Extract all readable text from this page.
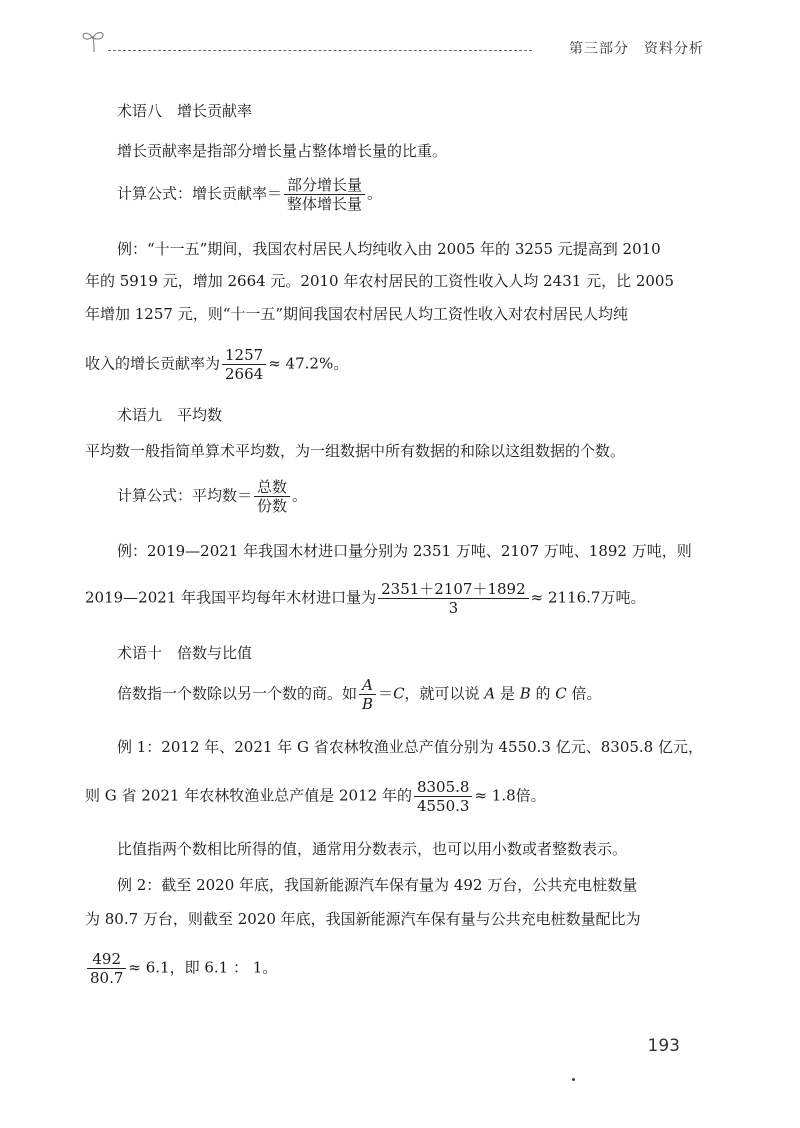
第三部分　资料分析
术语八　增长贡献率
增长贡献率是指部分增长量占整体增长量的比重。
计算公式：增长贡献率＝ $\frac{\text{部分增长量}}{\text{整体增长量}}$ 。
例：“十一五”期间，我国农村居民人均纯收入由 2005 年的 3255 元提高到 2010
年的 5919 元，增加 2664 元。2010 年农村居民的工资性收入人均 2431 元，比 2005
年增加 1257 元，则“十一五”期间我国农村居民人均工资性收入对农村居民人均纯
收入的增长贡献率为 $\frac{1257}{2664} \approx 47.2\%$。
术语九　平均数
平均数一般指简单算术平均数，为一组数据中所有数据的和除以这组数据的个数。
计算公式：平均数＝ $\frac{\text{总数}}{\text{份数}}$ 。
例：2019—2021 年我国木材进口量分别为 2351 万吨、2107 万吨、1892 万吨，则
2019—2021 年我国平均每年木材进口量为 $\frac{2351+2107+1892}{3} \approx 2116.7$万吨。
术语十　倍数与比值
倍数指一个数除以另一个数的商。如 $\frac{A}{B} =C$，就可以说 A 是 B 的 C 倍。
例 1：2012 年、2021 年 G 省农林牧渔业总产值分别为 4550.3 亿元、8305.8 亿元，
则 G 省 2021 年农林牧渔业总产值是 2012 年的 $\frac{8305.8}{4550.3} \approx 1.8$倍。
比值指两个数相比所得的值，通常用分数表示，也可以用小数或者整数表示。
例 2：截至 2020 年底，我国新能源汽车保有量为 492 万台，公共充电桩数量
为 80.7 万台，则截至 2020 年底，我国新能源汽车保有量与公共充电桩数量配比为
$\frac{492}{80.7} \approx 6.1$，即 6.1 ： 1。
193
